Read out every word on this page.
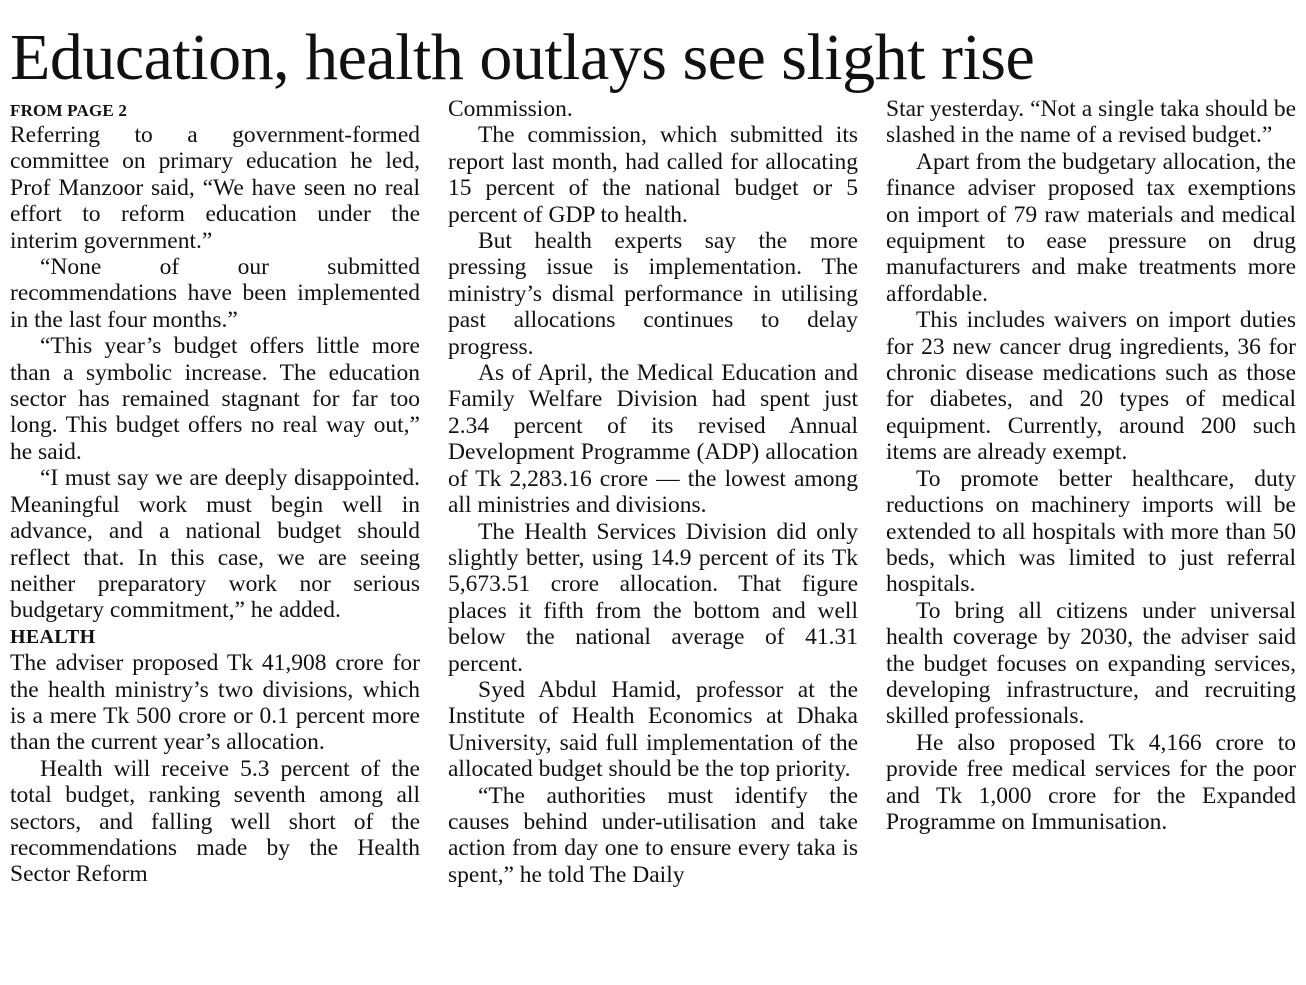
Education, health outlays see slight rise
FROM PAGE 2

Referring to a government-formed committee on primary education he led, Prof Manzoor said, “We have seen no real effort to reform education under the interim government.”

“None of our submitted recommendations have been implemented in the last four months.”

“This year’s budget offers little more than a symbolic increase. The education sector has remained stagnant for far too long. This budget offers no real way out,” he said.

“I must say we are deeply disappointed. Meaningful work must begin well in advance, and a national budget should reflect that. In this case, we are seeing neither preparatory work nor serious budgetary commitment,” he added.

HEALTH

The adviser proposed Tk 41,908 crore for the health ministry’s two divisions, which is a mere Tk 500 crore or 0.1 percent more than the current year’s allocation.

Health will receive 5.3 percent of the total budget, ranking seventh among all sectors, and falling well short of the recommendations made by the Health Sector Reform

Commission.

The commission, which submitted its report last month, had called for allocating 15 percent of the national budget or 5 percent of GDP to health.

But health experts say the more pressing issue is implementation. The ministry’s dismal performance in utilising past allocations continues to delay progress.

As of April, the Medical Education and Family Welfare Division had spent just 2.34 percent of its revised Annual Development Programme (ADP) allocation of Tk 2,283.16 crore — the lowest among all ministries and divisions.

The Health Services Division did only slightly better, using 14.9 percent of its Tk 5,673.51 crore allocation. That figure places it fifth from the bottom and well below the national average of 41.31 percent.

Syed Abdul Hamid, professor at the Institute of Health Economics at Dhaka University, said full implementation of the allocated budget should be the top priority.

“The authorities must identify the causes behind under-utilisation and take action from day one to ensure every taka is spent,” he told The Daily

Star yesterday. “Not a single taka should be slashed in the name of a revised budget.”

Apart from the budgetary allocation, the finance adviser proposed tax exemptions on import of 79 raw materials and medical equipment to ease pressure on drug manufacturers and make treatments more affordable.

This includes waivers on import duties for 23 new cancer drug ingredients, 36 for chronic disease medications such as those for diabetes, and 20 types of medical equipment. Currently, around 200 such items are already exempt.

To promote better healthcare, duty reductions on machinery imports will be extended to all hospitals with more than 50 beds, which was limited to just referral hospitals.

To bring all citizens under universal health coverage by 2030, the adviser said the budget focuses on expanding services, developing infrastructure, and recruiting skilled professionals.

He also proposed Tk 4,166 crore to provide free medical services for the poor and Tk 1,000 crore for the Expanded Programme on Immunisation.
